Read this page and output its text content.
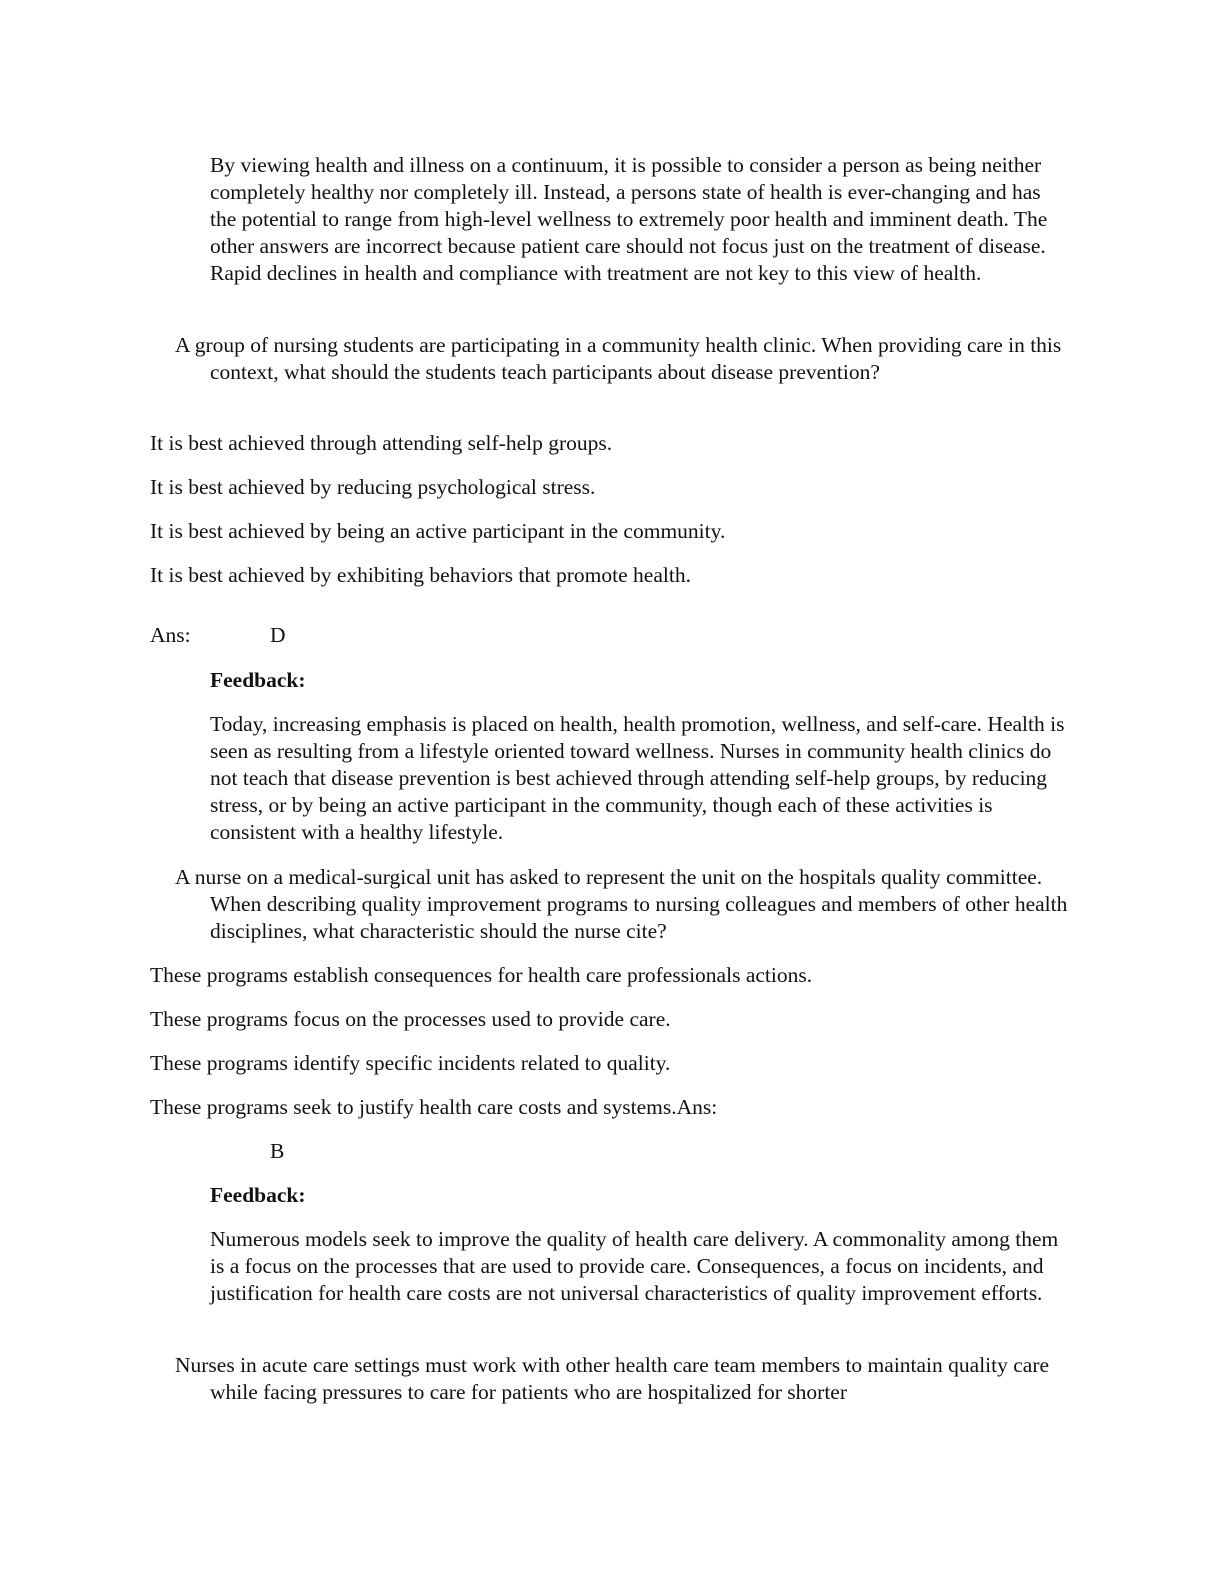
By viewing health and illness on a continuum, it is possible to consider a person as being neither completely healthy nor completely ill. Instead, a persons state of health is ever-changing and has the potential to range from high-level wellness to extremely poor health and imminent death. The other answers are incorrect because patient care should not focus just on the treatment of disease. Rapid declines in health and compliance with treatment are not key to this view of health.

A group of nursing students are participating in a community health clinic. When providing care in this context, what should the students teach participants about disease prevention?

It is best achieved through attending self-help groups.

It is best achieved by reducing psychological stress.

It is best achieved by being an active participant in the community.

It is best achieved by exhibiting behaviors that promote health.

Ans:	D
Feedback:

Today, increasing emphasis is placed on health, health promotion, wellness, and self-care. Health is seen as resulting from a lifestyle oriented toward wellness. Nurses in community health clinics do not teach that disease prevention is best achieved through attending self-help groups, by reducing stress, or by being an active participant in the community, though each of these activities is consistent with a healthy lifestyle.

A nurse on a medical-surgical unit has asked to represent the unit on the hospitals quality committee. When describing quality improvement programs to nursing colleagues and members of other health disciplines, what characteristic should the nurse cite?

These programs establish consequences for health care professionals actions.

These programs focus on the processes used to provide care.

These programs identify specific incidents related to quality.

These programs seek to justify health care costs and systems.Ans:

B
Feedback:

Numerous models seek to improve the quality of health care delivery. A commonality among them is a focus on the processes that are used to provide care. Consequences, a focus on incidents, and justification for health care costs are not universal characteristics of quality improvement efforts.

Nurses in acute care settings must work with other health care team members to maintain quality care while facing pressures to care for patients who are hospitalized for shorter
